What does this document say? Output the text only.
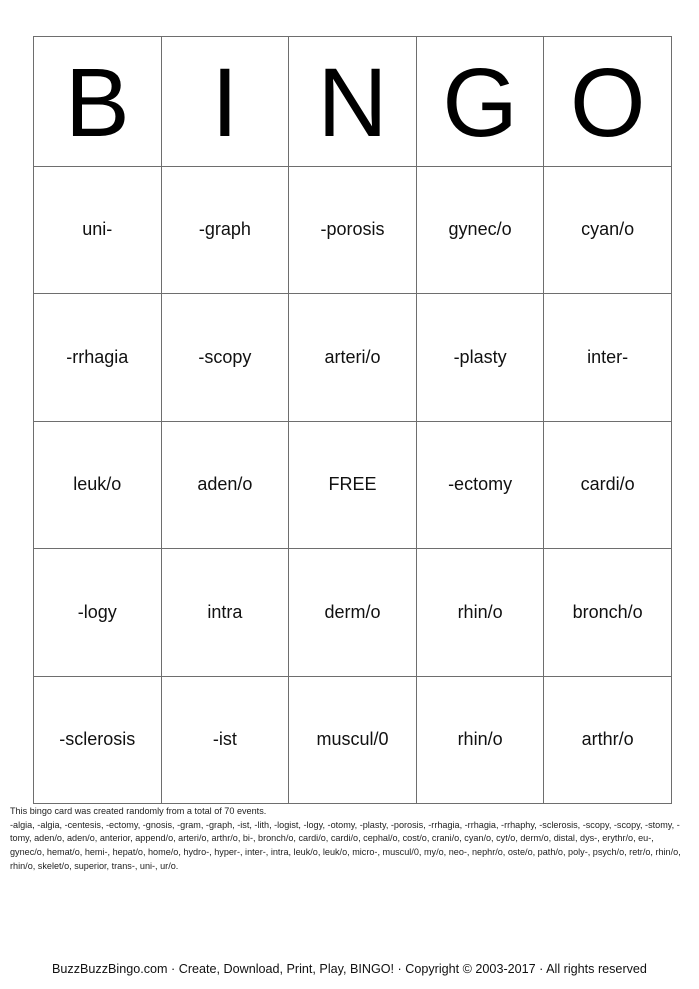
B	I	N	G	O
uni-	-graph	-porosis	gynec/o	cyan/o
-rrhagia	-scopy	arteri/o	-plasty	inter-
leuk/o	aden/o	FREE	-ectomy	cardi/o
-logy	intra	derm/o	rhin/o	bronch/o
-sclerosis	-ist	muscul/0	rhin/o	arthr/o
This bingo card was created randomly from a total of 70 events.
-algia, -algia, -centesis, -ectomy, -gnosis, -gram, -graph, -ist, -lith, -logist, -logy, -otomy, -plasty, -porosis, -rrhagia, -rrhagia, -rrhaphy, -sclerosis, -scopy, -scopy, -stomy, -tomy, aden/o, aden/o, anterior, append/o, arteri/o, arthr/o, bi-, bronch/o, cardi/o, cardi/o, cephal/o, cost/o, crani/o, cyan/o, cyt/o, derm/o, distal, dys-, erythr/o, eu-, gynec/o, hemat/o, hemi-, hepat/o, home/o, hydro-, hyper-, inter-, intra, leuk/o, leuk/o, micro-, muscul/0, my/o, neo-, nephr/o, oste/o, path/o, poly-, psych/o, retr/o, rhin/o, rhin/o, skelet/o, superior, trans-, uni-, ur/o.
BuzzBuzzBingo.com · Create, Download, Print, Play, BINGO! · Copyright © 2003-2017 · All rights reserved
